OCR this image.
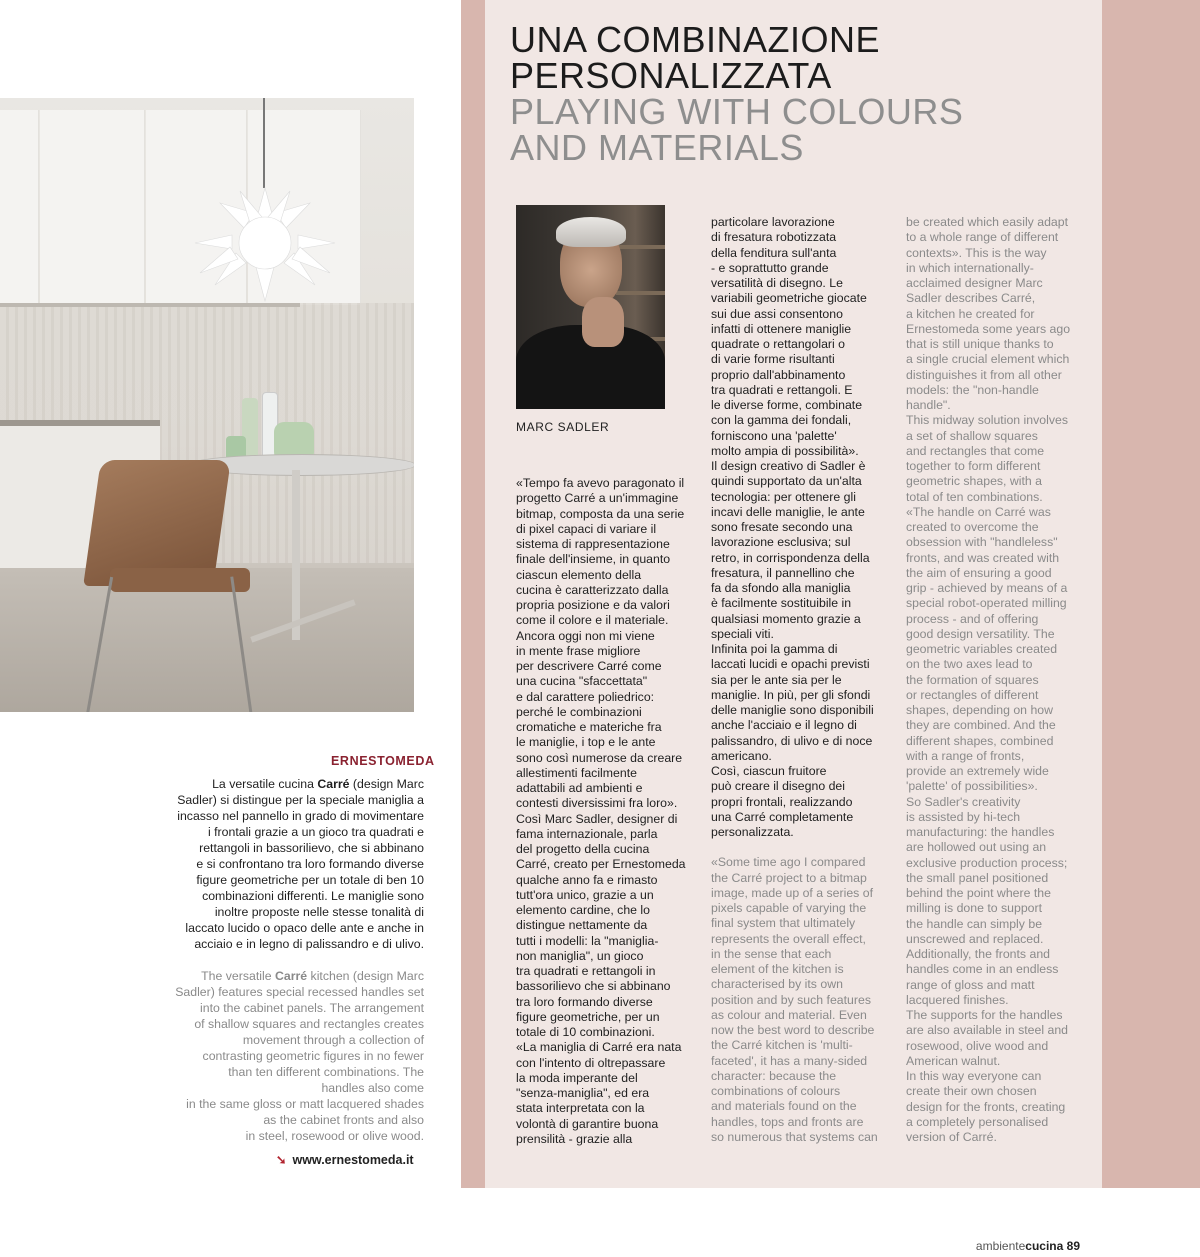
UNA COMBINAZIONE
PERSONALIZZATA
PLAYING WITH COLOURS
AND MATERIALS
MARC SADLER

«Tempo fa avevo paragonato il
progetto Carré a un'immagine
bitmap, composta da una serie
di pixel capaci di variare il
sistema di rappresentazione
finale dell'insieme, in quanto
ciascun elemento della
cucina è caratterizzato dalla
propria posizione e da valori
come il colore e il materiale.
Ancora oggi non mi viene
in mente frase migliore
per descrivere Carré come
una cucina "sfaccettata"
e dal carattere poliedrico:
perché le combinazioni
cromatiche e materiche fra
le maniglie, i top e le ante
sono così numerose da creare
allestimenti facilmente
adattabili ad ambienti e
contesti diversissimi fra loro».
Così Marc Sadler, designer di
fama internazionale, parla
del progetto della cucina
Carré, creato per Ernestomeda
qualche anno fa e rimasto
tutt'ora unico, grazie a un
elemento cardine, che lo
distingue nettamente da
tutti i modelli: la "maniglia-
non maniglia", un gioco
tra quadrati e rettangoli in
bassorilievo che si abbinano
tra loro formando diverse
figure geometriche, per un
totale di 10 combinazioni.
«La maniglia di Carré era nata
con l'intento di oltrepassare
la moda imperante del
"senza-maniglia", ed era
stata interpretata con la
volontà di garantire buona
prensilità - grazie alla

particolare lavorazione
di fresatura robotizzata
della fenditura sull'anta
- e soprattutto grande
versatilità di disegno. Le
variabili geometriche giocate
sui due assi consentono
infatti di ottenere maniglie
quadrate o rettangolari o
di varie forme risultanti
proprio dall'abbinamento
tra quadrati e rettangoli. E
le diverse forme, combinate
con la gamma dei fondali,
forniscono una 'palette'
molto ampia di possibilità».
Il design creativo di Sadler è
quindi supportato da un'alta
tecnologia: per ottenere gli
incavi delle maniglie, le ante
sono fresate secondo una
lavorazione esclusiva; sul
retro, in corrispondenza della
fresatura, il pannellino che
fa da sfondo alla maniglia
è facilmente sostituibile in
qualsiasi momento grazie a
speciali viti.
Infinita poi la gamma di
laccati lucidi e opachi previsti
sia per le ante sia per le
maniglie. In più, per gli sfondi
delle maniglie sono disponibili
anche l'acciaio e il legno di
palissandro, di ulivo e di noce
americano.
Così, ciascun fruitore
può creare il disegno dei
propri frontali, realizzando
una Carré completamente
personalizzata.

«Some time ago I compared
the Carré project to a bitmap
image, made up of a series of
pixels capable of varying the
final system that ultimately
represents the overall effect,
in the sense that each
element of the kitchen is
characterised by its own
position and by such features
as colour and material. Even
now the best word to describe
the Carré kitchen is 'multi-
faceted', it has a many-sided
character: because the
combinations of colours
and materials found on the
handles, tops and fronts are
so numerous that systems can

be created which easily adapt
to a whole range of different
contexts». This is the way
in which internationally-
acclaimed designer Marc
Sadler describes Carré,
a kitchen he created for
Ernestomeda some years ago
that is still unique thanks to
a single crucial element which
distinguishes it from all other
models: the "non-handle
handle".
This midway solution involves
a set of shallow squares
and rectangles that come
together to form different
geometric shapes, with a
total of ten combinations.
«The handle on Carré was
created to overcome the
obsession with "handleless"
fronts, and was created with
the aim of ensuring a good
grip - achieved by means of a
special robot-operated milling
process - and of offering
good design versatility. The
geometric variables created
on the two axes lead to
the formation of squares
or rectangles of different
shapes, depending on how
they are combined. And the
different shapes, combined
with a range of fronts,
provide an extremely wide
'palette' of possibilities».
So Sadler's creativity
is assisted by hi-tech
manufacturing: the handles
are hollowed out using an
exclusive production process;
the small panel positioned
behind the point where the
milling is done to support
the handle can simply be
unscrewed and replaced.
Additionally, the fronts and
handles come in an endless
range of gloss and matt
lacquered finishes.
The supports for the handles
are also available in steel and
rosewood, olive wood and
American walnut.
In this way everyone can
create their own chosen
design for the fronts, creating
a completely personalised
version of Carré.

ERNESTOMEDA

La versatile cucina Carré (design Marc
Sadler) si distingue per la speciale maniglia a
incasso nel pannello in grado di movimentare
i frontali grazie a un gioco tra quadrati e
rettangoli in bassorilievo, che si abbinano
e si confrontano tra loro formando diverse
figure geometriche per un totale di ben 10
combinazioni differenti. Le maniglie sono
inoltre proposte nelle stesse tonalità di
laccato lucido o opaco delle ante e anche in
acciaio e in legno di palissandro e di ulivo.

The versatile Carré kitchen (design Marc
Sadler) features special recessed handles set
into the cabinet panels. The arrangement
of shallow squares and rectangles creates
movement through a collection of
contrasting geometric figures in no fewer
than ten different combinations. The
handles also come
in the same gloss or matt lacquered shades
as the cabinet fronts and also
in steel, rosewood or olive wood.

➘ www.ernestomeda.it
ambientecucina 89
